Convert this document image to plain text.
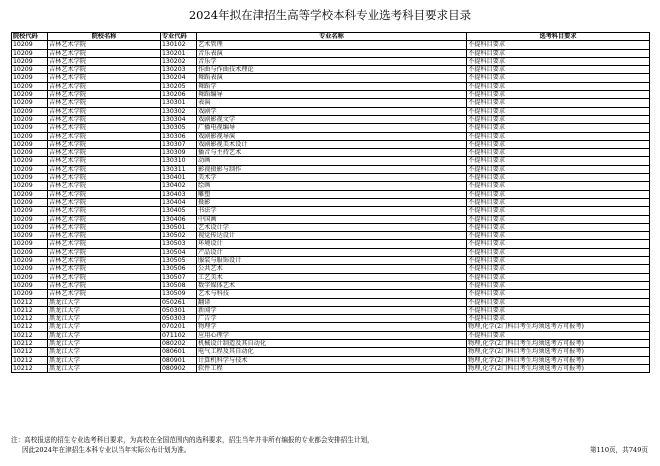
2024年拟在津招生高等学校本科专业选考科目要求目录
院校代码	院校名称	专业代码	专业名称	选考科目要求
10209	吉林艺术学院	130102	艺术管理	不提科目要求
10209	吉林艺术学院	130201	音乐表演	不提科目要求
10209	吉林艺术学院	130202	音乐学	不提科目要求
10209	吉林艺术学院	130203	作曲与作曲技术理论	不提科目要求
10209	吉林艺术学院	130204	舞蹈表演	不提科目要求
10209	吉林艺术学院	130205	舞蹈学	不提科目要求
10209	吉林艺术学院	130206	舞蹈编导	不提科目要求
10209	吉林艺术学院	130301	表演	不提科目要求
10209	吉林艺术学院	130302	戏剧学	不提科目要求
10209	吉林艺术学院	130304	戏剧影视文学	不提科目要求
10209	吉林艺术学院	130305	广播电视编导	不提科目要求
10209	吉林艺术学院	130306	戏剧影视导演	不提科目要求
10209	吉林艺术学院	130307	戏剧影视美术设计	不提科目要求
10209	吉林艺术学院	130309	播音与主持艺术	不提科目要求
10209	吉林艺术学院	130310	动画	不提科目要求
10209	吉林艺术学院	130311	影视摄影与制作	不提科目要求
10209	吉林艺术学院	130401	美术学	不提科目要求
10209	吉林艺术学院	130402	绘画	不提科目要求
10209	吉林艺术学院	130403	雕塑	不提科目要求
10209	吉林艺术学院	130404	摄影	不提科目要求
10209	吉林艺术学院	130405	书法学	不提科目要求
10209	吉林艺术学院	130406	中国画	不提科目要求
10209	吉林艺术学院	130501	艺术设计学	不提科目要求
10209	吉林艺术学院	130502	视觉传达设计	不提科目要求
10209	吉林艺术学院	130503	环境设计	不提科目要求
10209	吉林艺术学院	130504	产品设计	不提科目要求
10209	吉林艺术学院	130505	服装与服饰设计	不提科目要求
10209	吉林艺术学院	130506	公共艺术	不提科目要求
10209	吉林艺术学院	130507	工艺美术	不提科目要求
10209	吉林艺术学院	130508	数字媒体艺术	不提科目要求
10209	吉林艺术学院	130509	艺术与科技	不提科目要求
10212	黑龙江大学	050261	翻译	不提科目要求
10212	黑龙江大学	050301	新闻学	不提科目要求
10212	黑龙江大学	050303	广告学	不提科目要求
10212	黑龙江大学	070201	物理学	物理,化学(2门科目考生均须选考方可报考)
10212	黑龙江大学	071102	应用心理学	不提科目要求
10212	黑龙江大学	080202	机械设计制造及其自动化	物理,化学(2门科目考生均须选考方可报考)
10212	黑龙江大学	080601	电气工程及其自动化	物理,化学(2门科目考生均须选考方可报考)
10212	黑龙江大学	080901	计算机科学与技术	物理,化学(2门科目考生均须选考方可报考)
10212	黑龙江大学	080902	软件工程	物理,化学(2门科目考生均须选考方可报考)
注：高校报送的招生专业选考科目要求，为高校在全国范围内的选科要求，招生当年并非所有编报的专业都会安排招生计划，
因此2024年在津招生本科专业以当年实际公布计划为准。	第110页，共749页
